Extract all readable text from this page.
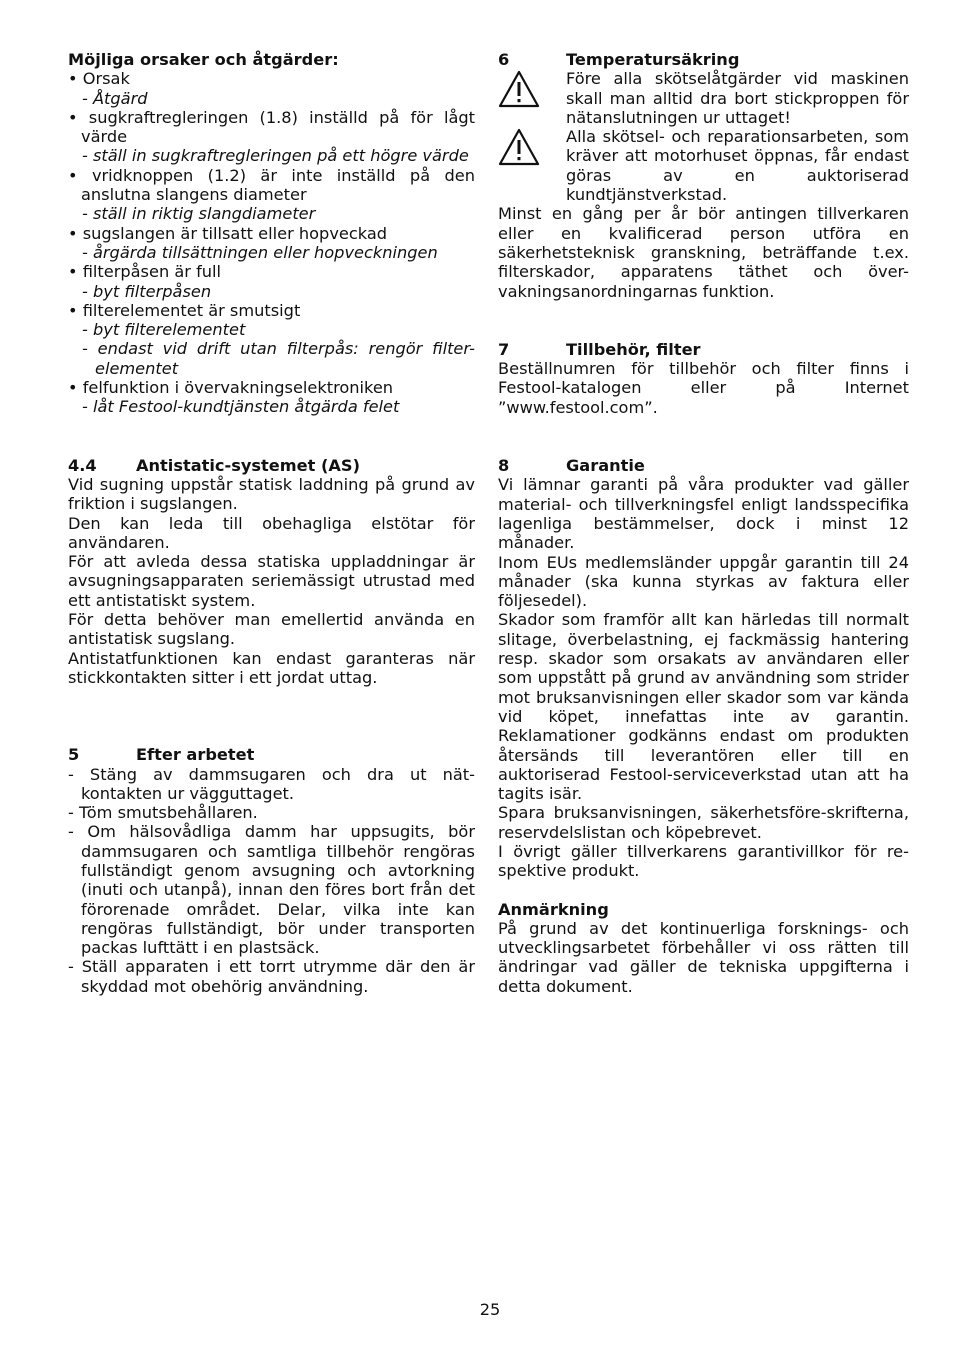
Möjliga orsaker och åtgärder:
• Orsak
- Åtgärd
• sugkraftregleringen (1.8) inställd på för lågt värde
- ställ in sugkraftregleringen på ett högre värde
• vridknoppen (1.2) är inte inställd på den anslutna slangens diameter
- ställ in riktig slangdiameter
• sugslangen är tillsatt eller hopveckad
- årgärda tillsättningen eller hopveckningen
• filterpåsen är full
- byt filterpåsen
• filterelementet är smutsigt
- byt filterelementet
- endast vid drift utan filterpås: rengör filter-elementet
• felfunktion i övervakningselektroniken
- låt Festool-kundtjänsten åtgärda felet
4.4 Antistatic-systemet (AS)
Vid sugning uppstår statisk laddning på grund av friktion i sugslangen.
Den kan leda till obehagliga elstötar för användaren.
För att avleda dessa statiska uppladdningar är avsugningsapparaten seriemässigt utrustad med ett antistatiskt system.
För detta behöver man emellertid använda en antistatisk sugslang.
Antistatfunktionen kan endast garanteras när stickkontakten sitter i ett jordat uttag.
5	Efter arbetet
- Stäng av dammsugaren och dra ut nät-kontakten ur vägguttaget.
- Töm smutsbehållaren.
- Om hälsovådliga damm har uppsugits, bör dammsugaren och samtliga tillbehör rengöras fullständigt genom avsugning och avtorkning (inuti och utanpå), innan den föres bort från det förorenade området. Delar, vilka inte kan rengöras fullständigt, bör under transporten packas lufttätt i en plastsäck.
- Ställ apparaten i ett torrt utrymme där den är skyddad mot obehörig användning.
6	Temperatursäkring
Före alla skötselåtgärder vid maskinen skall man alltid dra bort stickproppen för nätanslutningen ur uttaget!
Alla skötsel- och reparationsarbeten, som kräver att motorhuset öppnas, får endast göras av en auktoriserad kundtjänstverkstad.
Minst en gång per år bör antingen tillverkaren eller en kvalificerad person utföra en säkerhetsteknisk granskning, beträffande t.ex. filterskador, apparatens täthet och över-vakningsanordningarnas funktion.
7	Tillbehör, filter
Beställnumren för tillbehör och filter finns i Festool-katalogen eller på Internet ”www.festool.com”.
8	Garantie
Vi lämnar garanti på våra produkter vad gäller material- och tillverkningsfel enligt landsspecifika lagenliga bestämmelser, dock i minst 12 månader.
Inom EUs medlemsländer uppgår garantin till 24 månader (ska kunna styrkas av faktura eller följesedel).
Skador som framför allt kan härledas till normalt slitage, överbelastning, ej fackmässig hantering resp. skador som orsakats av användaren eller som uppstått på grund av användning som strider mot bruksanvisningen eller skador som var kända vid köpet, innefattas inte av garantin. Reklamationer godkänns endast om produkten återsänds till leverantören eller till en auktoriserad Festool-serviceverkstad utan att ha tagits isär.
Spara bruksanvisningen, säkerhetsföre-skrifterna, reservdelslistan och köpebrevet.
I övrigt gäller tillverkarens garantivillkor för re-spektive produkt.
Anmärkning
På grund av det kontinuerliga forsknings- och utvecklingsarbetet förbehåller vi oss rätten till ändringar vad gäller de tekniska uppgifterna i detta dokument.
25
